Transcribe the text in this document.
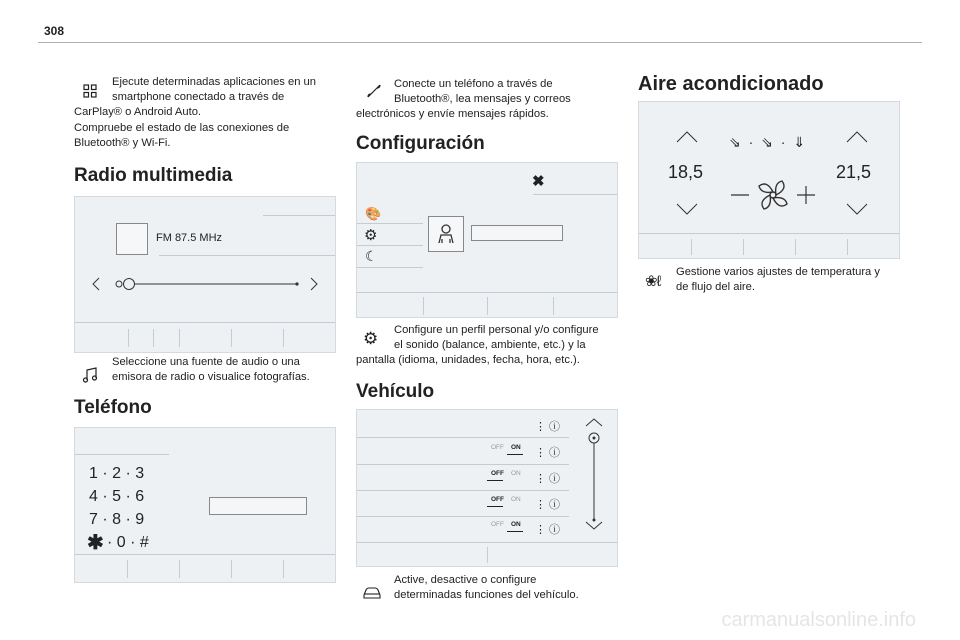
308
Ejecute determinadas aplicaciones en un
smartphone conectado a través de
CarPlay® o Android Auto.
Compruebe el estado de las conexiones de
Bluetooth® y Wi-Fi.
Radio multimedia
FM 87.5 MHz
Seleccione una fuente de audio o una
emisora de radio o visualice fotografías.
Teléfono
1 · 2 · 3
4 · 5 · 6
7 · 8 · 9
✱ · 0 · #
Conecte un teléfono a través de
Bluetooth®, lea mensajes y correos
electrónicos y envíe mensajes rápidos.
Configuración
✖
🎨
⚙
☾
⚙	Configure un perfil personal y/o configure
el sonido (balance, ambiente, etc.) y la
pantalla (idioma, unidades, fecha, hora, etc.).
Vehículo
⋮ ⓘ
OFF ON ⋮ ⓘ
OFF ON ⋮ ⓘ
OFF ON ⋮ ⓘ
OFF ON ⋮ ⓘ
Active, desactive o configure
determinadas funciones del vehículo.
Aire acondicionado
⇘ · ⇘ · ⇓
18,5	21,5
❀ℓ
Gestione varios ajustes de temperatura y
de flujo del aire.
carmanualsonline.info
